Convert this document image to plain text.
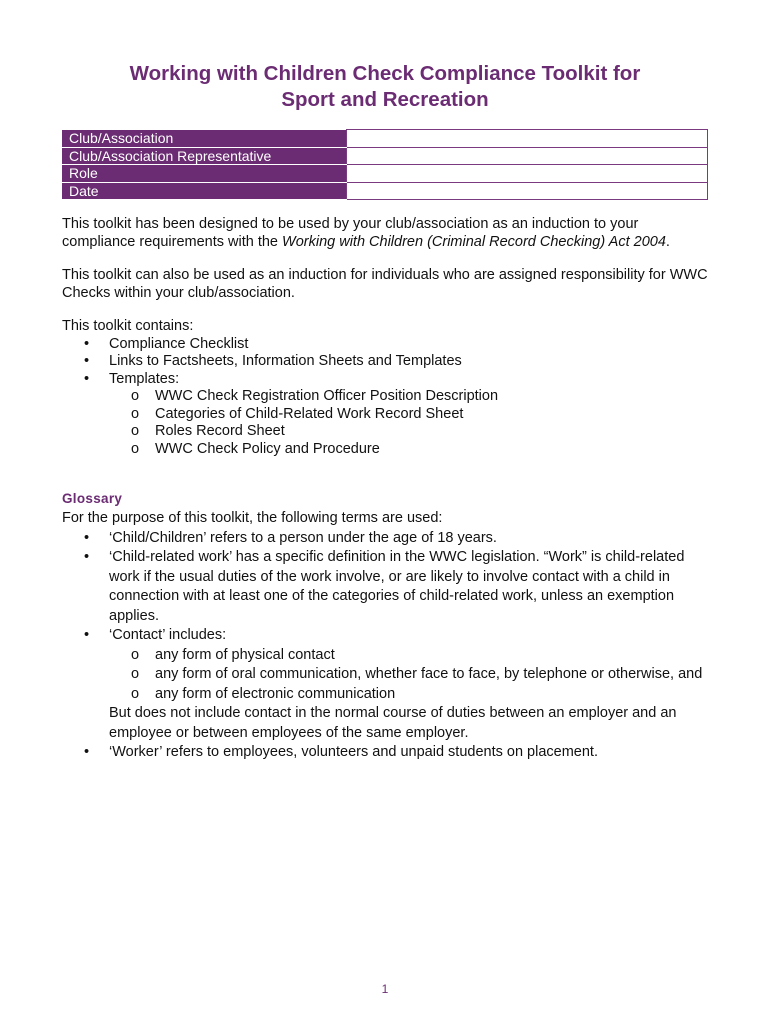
Working with Children Check Compliance Toolkit for
Sport and Recreation
Club/Association	
Club/Association Representative	
Role	
Date	

This toolkit has been designed to be used by your club/association as an induction to your compliance requirements with the Working with Children (Criminal Record Checking) Act 2004.

This toolkit can also be used as an induction for individuals who are assigned responsibility for WWC Checks within your club/association.

This toolkit contains:

• Compliance Checklist
• Links to Factsheets, Information Sheets and Templates
• Templates:
o WWC Check Registration Officer Position Description
o Categories of Child-Related Work Record Sheet
o Roles Record Sheet
o WWC Check Policy and Procedure
Glossary

For the purpose of this toolkit, the following terms are used:

• ‘Child/Children’ refers to a person under the age of 18 years.
• ‘Child-related work’ has a specific definition in the WWC legislation. “Work” is child-related work if the usual duties of the work involve, or are likely to involve contact with a child in connection with at least one of the categories of child-related work, unless an exemption applies.
• ‘Contact’ includes:
o any form of physical contact
o any form of oral communication, whether face to face, by telephone or otherwise, and
o any form of electronic communication

But does not include contact in the normal course of duties between an employer and an employee or between employees of the same employer.

• ‘Worker’ refers to employees, volunteers and unpaid students on placement.
1
